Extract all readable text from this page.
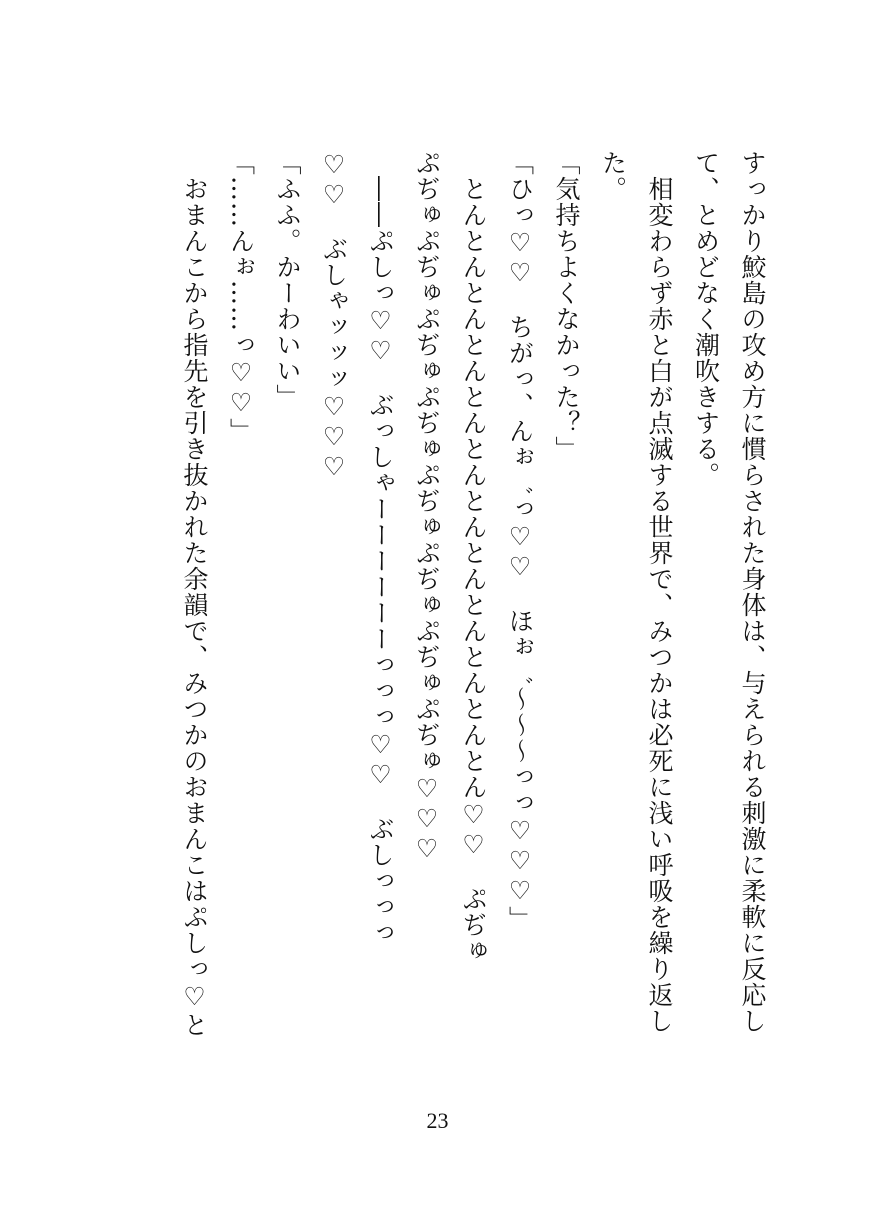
すっかり鮫島の攻め方に慣らされた身体は、与えられる刺激に柔軟に反応し
て、とめどなく潮吹きする。
　相変わらず赤と白が点滅する世界で、みつかは必死に浅い呼吸を繰り返し
た。
「気持ちよくなかった？」
「ひっ♡♡　ちがっ、んぉ゛っ♡♡　ほぉ゛～～～っっ♡♡♡」
　とんとんとんとんとんとんとんとんとんとんとんとん♡♡　ぷぢゅ
ぷぢゅぷぢゅぷぢゅぷぢゅぷぢゅぷぢゅぷぢゅぷぢゅ♡♡♡
　――ぷしっ♡♡　ぶっしゃーーーーーーっっっ♡♡　ぶしっっっ
♡♡　ぶしゃッッッ♡♡♡
「ふふ。かーわいい」
「……んぉ……っ♡♡」
　おまんこから指先を引き抜かれた余韻で、みつかのおまんこはぷしっ♡と
23
